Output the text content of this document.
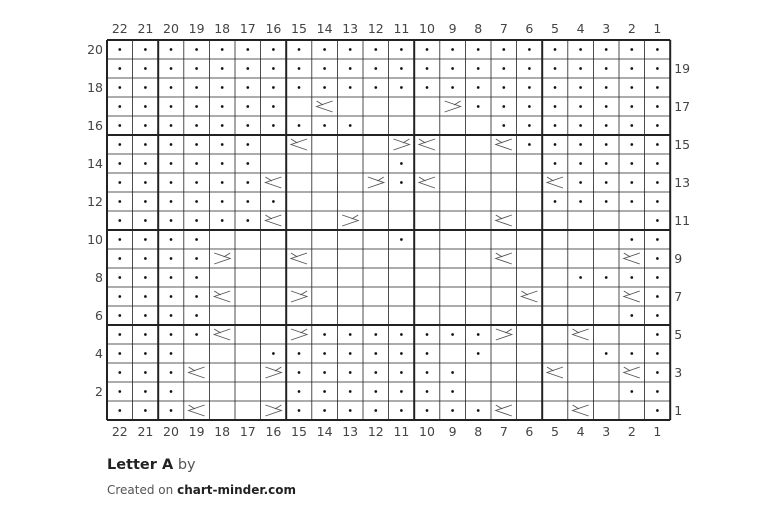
22
22
21
21
20
20
19
19
18
18
17
17
16
16
15
15
14
14
13
13
12
12
11
11
10
10
9
9
8
8
7
7
6
6
5
5
4
4
3
3
2
2
1
1
20
18
16
14
12
10
8
6
4
2
19
17
15
13
11
9
7
5
3
1
Letter A by
Created on chart-minder.com
